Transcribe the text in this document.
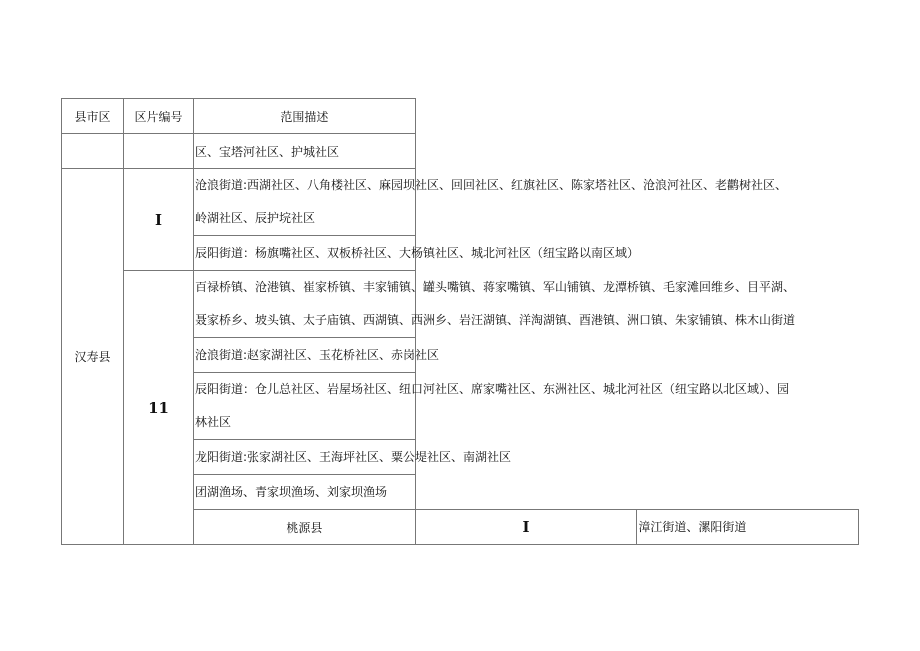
县市区	区片编号	范围描述		
		区、宝塔河社区、护城社区		
汉寿县	I	沧浪街道:西湖社区、八角楼社区、麻园坝社区、回回社区、红旗社区、陈家塔社区、沧浪河社区、老鹳树社区、
岭湖社区、辰护垸社区		

		辰阳街道：杨旗嘴社区、双板桥社区、大杨镇社区、城北河社区（纽宝路以南区域）		
	11	百禄桥镇、沧港镇、崔家桥镇、丰家铺镇、罐头嘴镇、蒋家嘴镇、军山铺镇、龙潭桥镇、毛家滩回维乡、目平湖、
聂家桥乡、坡头镇、太子庙镇、西湖镇、西洲乡、岩汪湖镇、洋淘湖镇、酉港镇、洲口镇、朱家铺镇、株木山街道		

		沧浪街道:赵家湖社区、玉花桥社区、赤岗社区		

		辰阳街道：仓儿总社区、岩屋场社区、纽口河社区、席家嘴社区、东洲社区、城北河社区（纽宝路以北区域）、园
林社区		

		龙阳街道:张家湖社区、王海坪社区、粟公堤社区、南湖社区		
		团湖渔场、青家坝渔场、刘家坝渔场		
		桃源县	I	漳江街道、漯阳街道
